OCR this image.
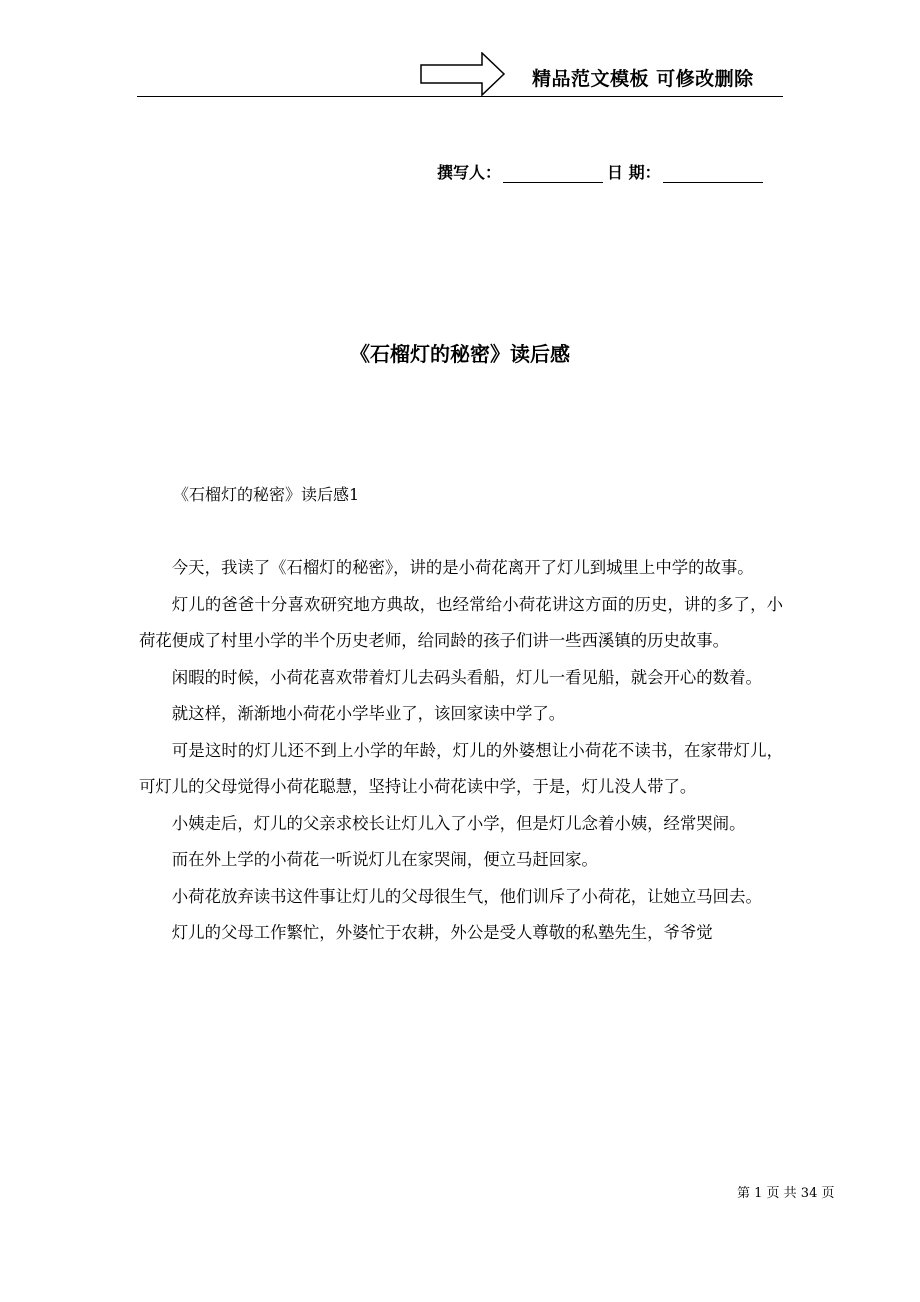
精品范文模板 可修改删除
撰写人：	日 期：
《石榴灯的秘密》读后感
《石榴灯的秘密》读后感1

今天，我读了《石榴灯的秘密》，讲的是小荷花离开了灯儿到城里上中学的故事。

灯儿的爸爸十分喜欢研究地方典故，也经常给小荷花讲这方面的历史，讲的多了，小荷花便成了村里小学的半个历史老师，给同龄的孩子们讲一些西溪镇的历史故事。

闲暇的时候，小荷花喜欢带着灯儿去码头看船，灯儿一看见船，就会开心的数着。

就这样，渐渐地小荷花小学毕业了，该回家读中学了。

可是这时的灯儿还不到上小学的年龄，灯儿的外婆想让小荷花不读书，在家带灯儿，可灯儿的父母觉得小荷花聪慧，坚持让小荷花读中学，于是，灯儿没人带了。

小姨走后，灯儿的父亲求校长让灯儿入了小学，但是灯儿念着小姨，经常哭闹。

而在外上学的小荷花一听说灯儿在家哭闹，便立马赶回家。

小荷花放弃读书这件事让灯儿的父母很生气，他们训斥了小荷花，让她立马回去。

灯儿的父母工作繁忙，外婆忙于农耕，外公是受人尊敬的私塾先生，爷爷觉

第 1 页 共 34 页
